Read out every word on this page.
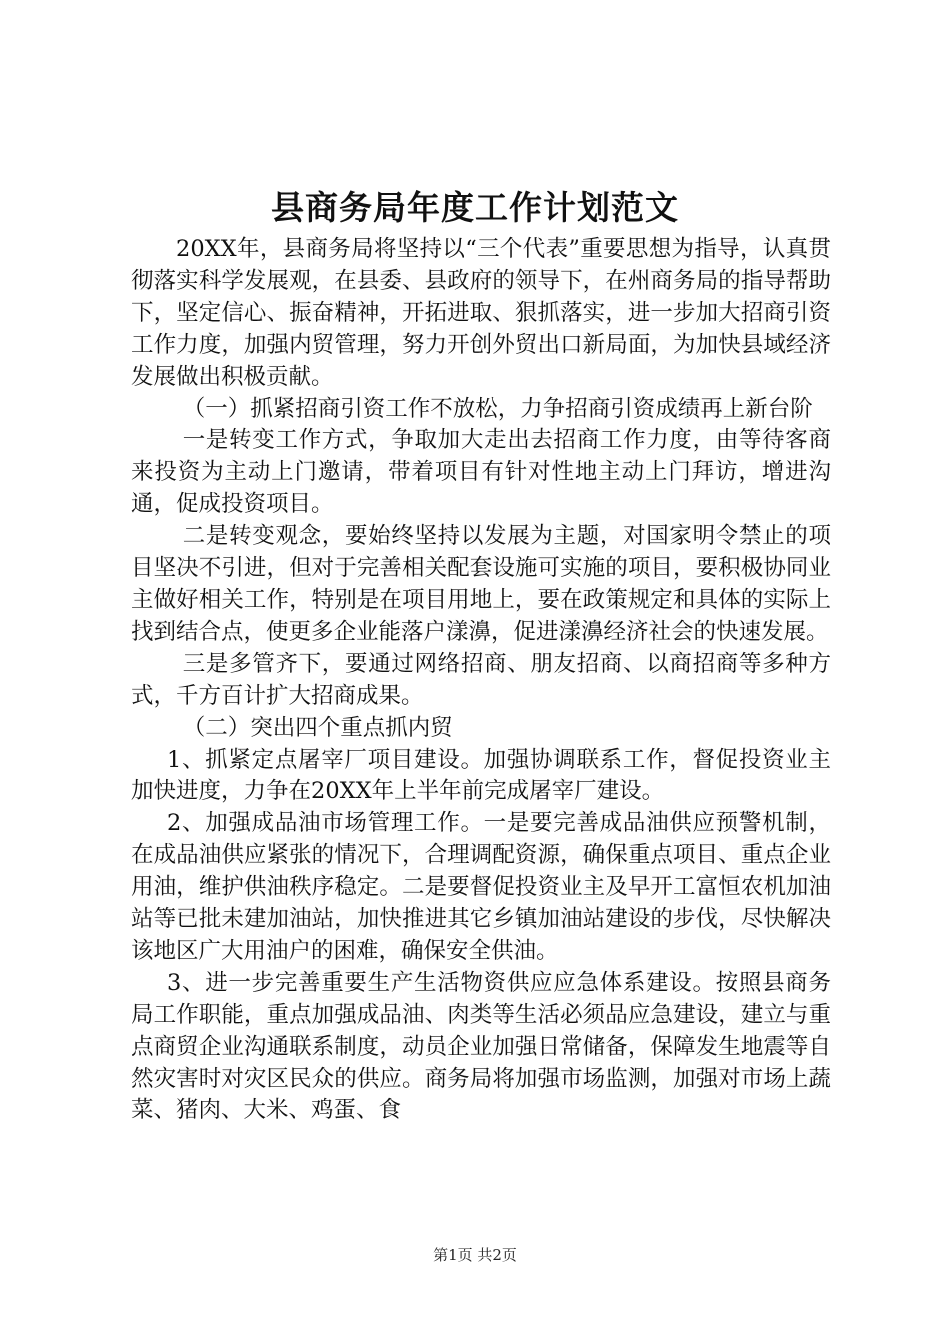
县商务局年度工作计划范文

20XX年，县商务局将坚持以“三个代表”重要思想为指导，认真贯彻落实科学发展观，在县委、县政府的领导下，在州商务局的指导帮助下，坚定信心、振奋精神，开拓进取、狠抓落实，进一步加大招商引资工作力度，加强内贸管理，努力开创外贸出口新局面，为加快县域经济发展做出积极贡献。

（一）抓紧招商引资工作不放松，力争招商引资成绩再上新台阶

一是转变工作方式，争取加大走出去招商工作力度，由等待客商来投资为主动上门邀请，带着项目有针对性地主动上门拜访，增进沟通，促成投资项目。

二是转变观念，要始终坚持以发展为主题，对国家明令禁止的项目坚决不引进，但对于完善相关配套设施可实施的项目，要积极协同业主做好相关工作，特别是在项目用地上，要在政策规定和具体的实际上找到结合点，使更多企业能落户漾濞，促进漾濞经济社会的快速发展。

三是多管齐下，要通过网络招商、朋友招商、以商招商等多种方式，千方百计扩大招商成果。

（二）突出四个重点抓内贸

1、抓紧定点屠宰厂项目建设。加强协调联系工作，督促投资业主加快进度，力争在20XX年上半年前完成屠宰厂建设。

2、加强成品油市场管理工作。一是要完善成品油供应预警机制，在成品油供应紧张的情况下，合理调配资源，确保重点项目、重点企业用油，维护供油秩序稳定。二是要督促投资业主及早开工富恒农机加油站等已批未建加油站，加快推进其它乡镇加油站建设的步伐，尽快解决该地区广大用油户的困难，确保安全供油。

3、进一步完善重要生产生活物资供应应急体系建设。按照县商务局工作职能，重点加强成品油、肉类等生活必须品应急建设，建立与重点商贸企业沟通联系制度，动员企业加强日常储备，保障发生地震等自然灾害时对灾区民众的供应。商务局将加强市场监测，加强对市场上蔬菜、猪肉、大米、鸡蛋、食

第1页 共2页
